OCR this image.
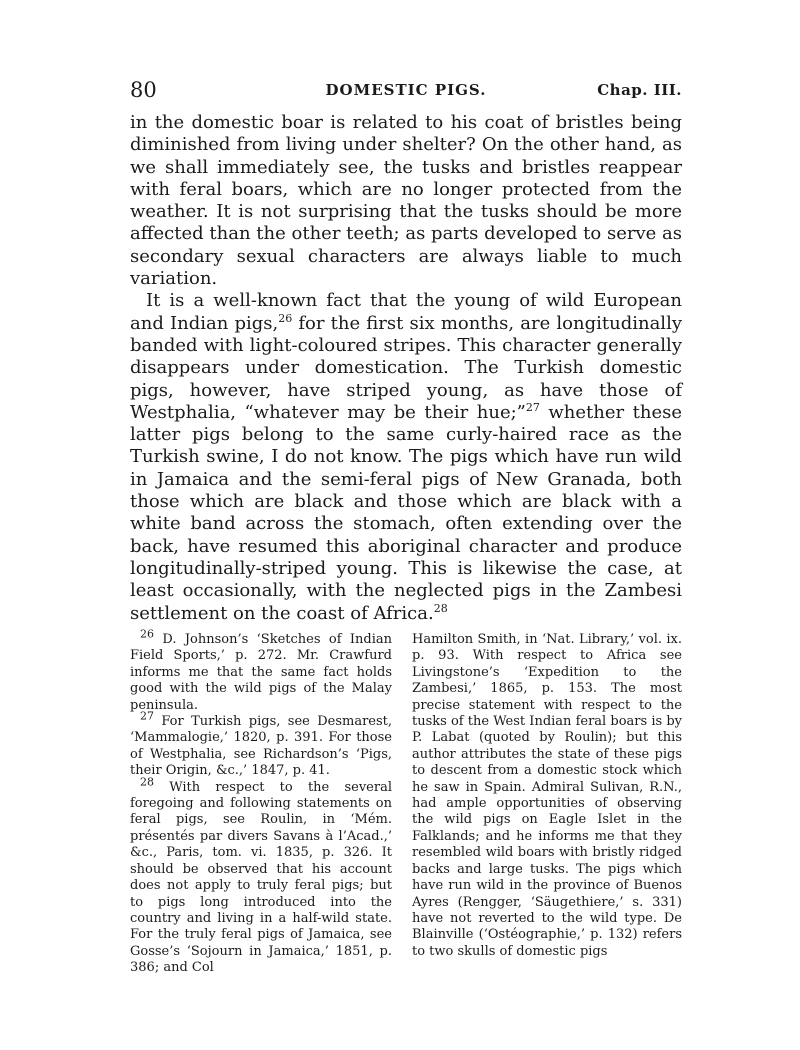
80	DOMESTIC PIGS.	Chap. III.

in the domestic boar is related to his coat of bristles being diminished from living under shelter? On the other hand, as we shall immediately see, the tusks and bristles reappear with feral boars, which are no longer protected from the weather. It is not surprising that the tusks should be more affected than the other teeth; as parts developed to serve as secondary sexual characters are always liable to much variation.

It is a well-known fact that the young of wild European and Indian pigs,$^{26}$ for the first six months, are longitudinally banded with light-coloured stripes. This character generally disappears under domestication. The Turkish domestic pigs, however, have striped young, as have those of Westphalia, “whatever may be their hue;”$^{27}$ whether these latter pigs belong to the same curly-haired race as the Turkish swine, I do not know. The pigs which have run wild in Jamaica and the semi-feral pigs of New Granada, both those which are black and those which are black with a white band across the stomach, often extending over the back, have resumed this aboriginal character and produce longitudinally-striped young. This is likewise the case, at least occasionally, with the neglected pigs in the Zambesi settlement on the coast of Africa.$^{28}$

$^{26}$ D. Johnson’s ‘Sketches of Indian Field Sports,’ p. 272. Mr. Crawfurd informs me that the same fact holds good with the wild pigs of the Malay peninsula.

$^{27}$ For Turkish pigs, see Desmarest, ‘Mammalogie,’ 1820, p. 391. For those of Westphalia, see Richardson’s ‘Pigs, their Origin, &c.,’ 1847, p. 41.

$^{28}$ With respect to the several foregoing and following statements on feral pigs, see Roulin, in ‘Mém. présentés par divers Savans à l’Acad.,’ &c., Paris, tom. vi. 1835, p. 326. It should be observed that his account does not apply to truly feral pigs; but to pigs long introduced into the country and living in a half-wild state. For the truly feral pigs of Jamaica, see Gosse’s ‘Sojourn in Jamaica,’ 1851, p. 386; and Col

Hamilton Smith, in ‘Nat. Library,’ vol. ix. p. 93. With respect to Africa see Livingstone’s ‘Expedition to the Zambesi,’ 1865, p. 153. The most precise statement with respect to the tusks of the West Indian feral boars is by P. Labat (quoted by Roulin); but this author attributes the state of these pigs to descent from a domestic stock which he saw in Spain. Admiral Sulivan, R.N., had ample opportunities of observing the wild pigs on Eagle Islet in the Falklands; and he informs me that they resembled wild boars with bristly ridged backs and large tusks. The pigs which have run wild in the province of Buenos Ayres (Rengger, ‘Säugethiere,’ s. 331) have not reverted to the wild type. De Blainville (‘Ostéographie,’ p. 132) refers to two skulls of domestic pigs
